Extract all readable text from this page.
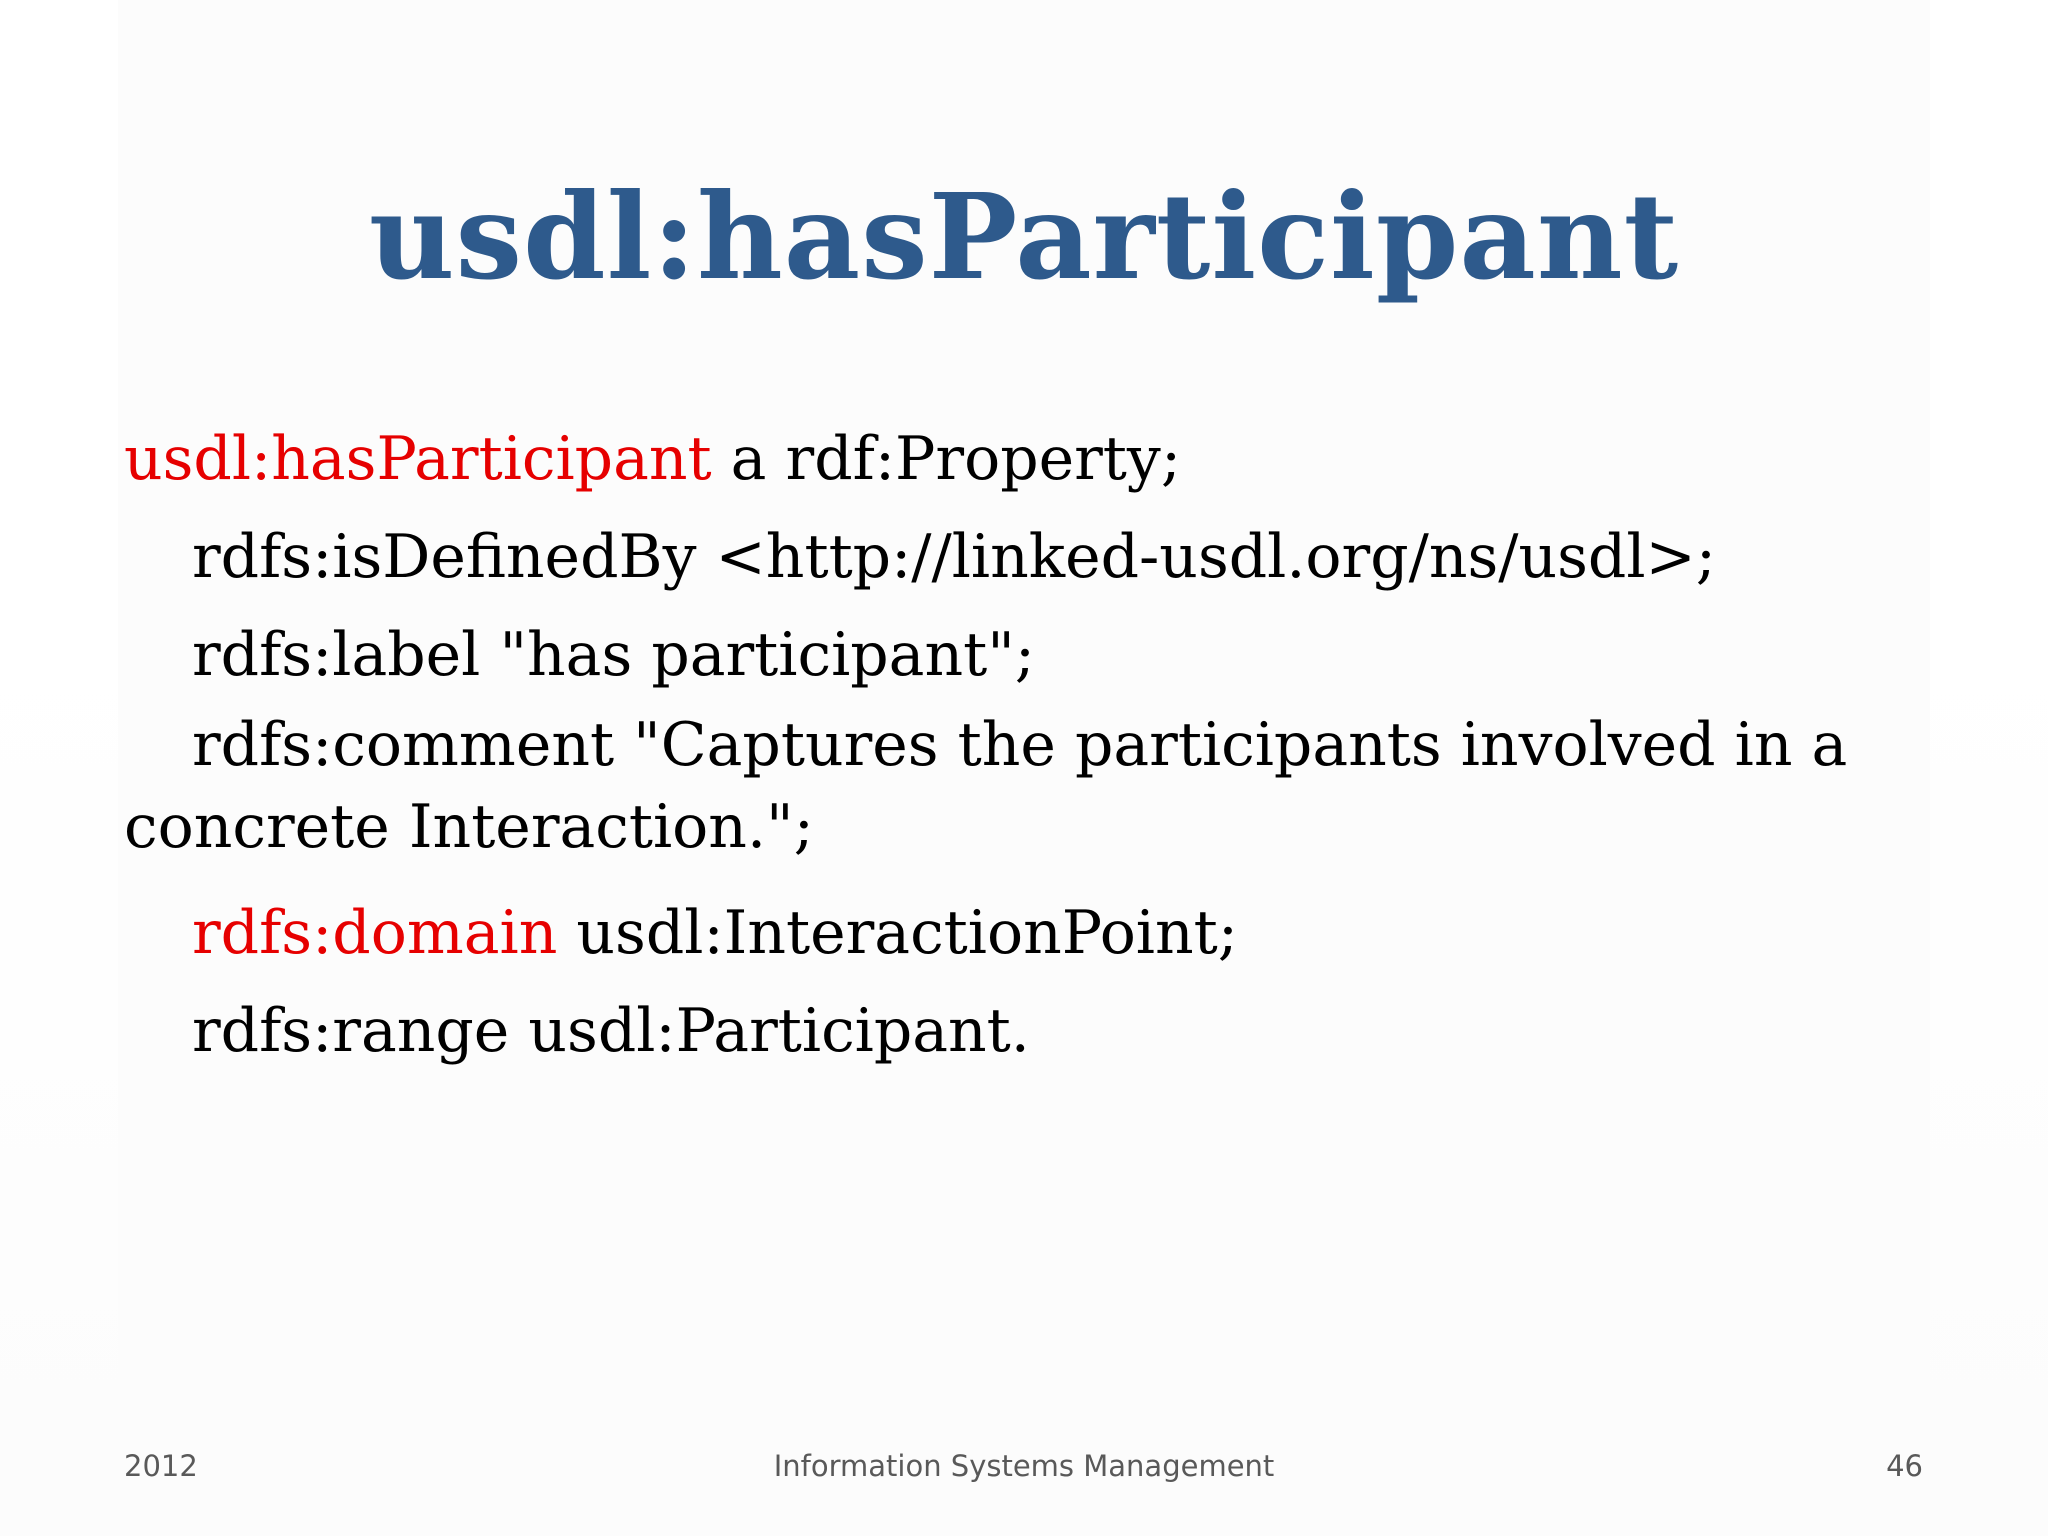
usdl:hasParticipant

usdl:hasParticipant a rdf:Property;

rdfs:isDefinedBy <http://linked-usdl.org/ns/usdl>;

rdfs:label "has participant";

rdfs:comment "Captures the participants involved in a

concrete Interaction.";

rdfs:domain usdl:InteractionPoint;

rdfs:range usdl:Participant.

2012	Information Systems Management	46
